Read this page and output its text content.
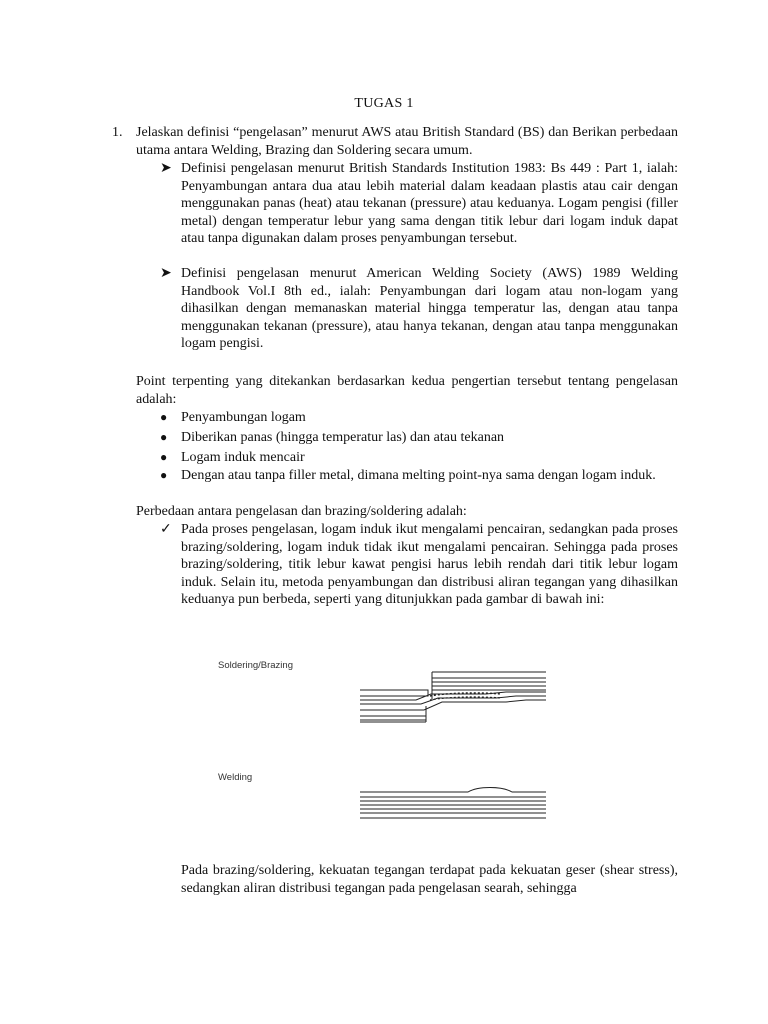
TUGAS 1
1. Jelaskan definisi “pengelasan” menurut AWS atau British Standard (BS) dan Berikan perbedaan utama antara Welding, Brazing dan Soldering secara umum.
➤ Definisi pengelasan menurut British Standards Institution 1983: Bs 449 : Part 1, ialah: Penyambungan antara dua atau lebih material dalam keadaan plastis atau cair dengan menggunakan panas (heat) atau tekanan (pressure) atau keduanya. Logam pengisi (filler metal) dengan temperatur lebur yang sama dengan titik lebur dari logam induk dapat atau tanpa digunakan dalam proses penyambungan tersebut.
➤ Definisi pengelasan menurut American Welding Society (AWS) 1989 Welding Handbook Vol.I 8th ed., ialah: Penyambungan dari logam atau non-logam yang dihasilkan dengan memanaskan material hingga temperatur las, dengan atau tanpa menggunakan tekanan (pressure), atau hanya tekanan, dengan atau tanpa menggunakan logam pengisi.
Point terpenting yang ditekankan berdasarkan kedua pengertian tersebut tentang pengelasan adalah:
● Penyambungan logam
● Diberikan panas (hingga temperatur las) dan atau tekanan
● Logam induk mencair
● Dengan atau tanpa filler metal, dimana melting point-nya sama dengan logam induk.
Perbedaan antara pengelasan dan brazing/soldering adalah:
✓ Pada proses pengelasan, logam induk ikut mengalami pencairan, sedangkan pada proses brazing/soldering, logam induk tidak ikut mengalami pencairan. Sehingga pada proses brazing/soldering, titik lebur kawat pengisi harus lebih rendah dari titik lebur logam induk. Selain itu, metoda penyambungan dan distribusi aliran tegangan yang dihasilkan keduanya pun berbeda, seperti yang ditunjukkan pada gambar di bawah ini:
Soldering/Brazing
Welding
Pada brazing/soldering, kekuatan tegangan terdapat pada kekuatan geser (shear stress), sedangkan aliran distribusi tegangan pada pengelasan searah, sehingga
